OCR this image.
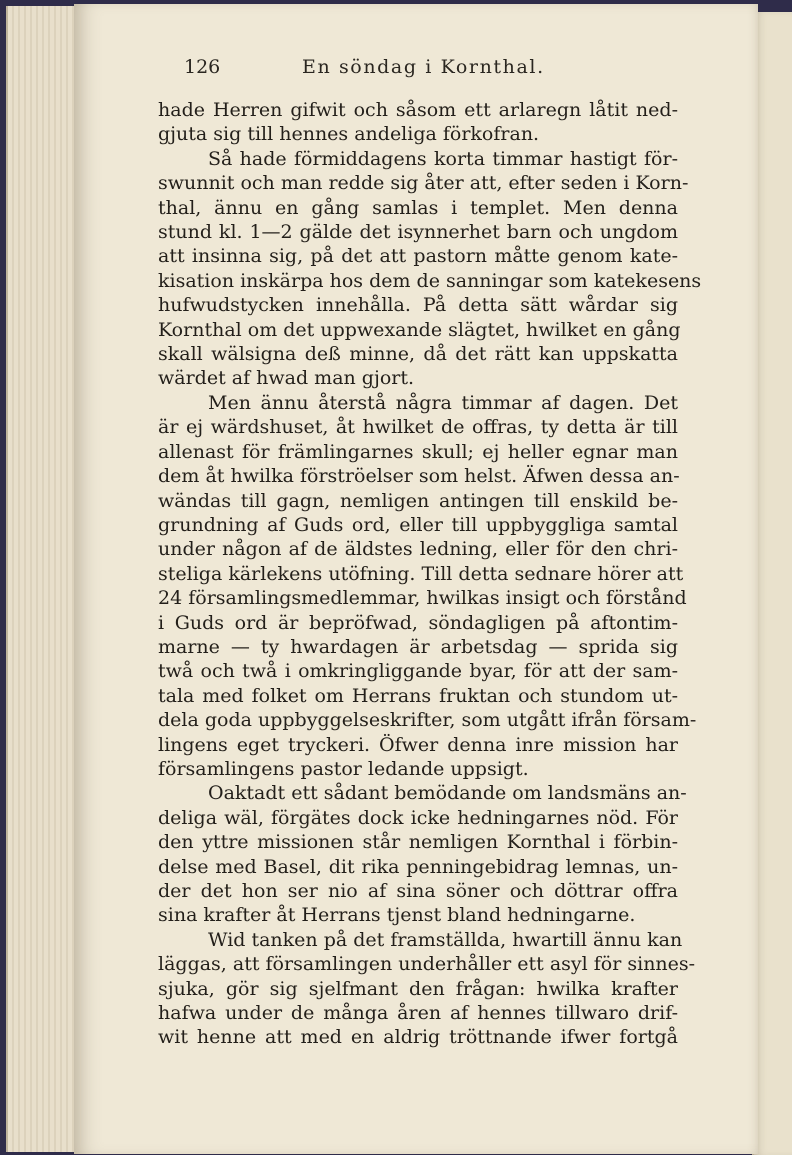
126	En söndag i Kornthal.
hade Herren gifwit och såsom ett arlaregn låtit ned-
gjuta sig till hennes andeliga förkofran.
Så hade förmiddagens korta timmar hastigt för-
swunnit och man redde sig åter att, efter seden i Korn-
thal, ännu en gång samlas i templet. Men denna
stund kl. 1—2 gälde det isynnerhet barn och ungdom
att insinna sig, på det att pastorn måtte genom kate-
kisation inskärpa hos dem de sanningar som katekesens
hufwudstycken innehålla. På detta sätt wårdar sig
Kornthal om det uppwexande slägtet, hwilket en gång
skall wälsigna deß minne, då det rätt kan uppskatta
wärdet af hwad man gjort.
Men ännu återstå några timmar af dagen. Det
är ej wärdshuset, åt hwilket de offras, ty detta är till
allenast för främlingarnes skull; ej heller egnar man
dem åt hwilka förströelser som helst. Äfwen dessa an-
wändas till gagn, nemligen antingen till enskild be-
grundning af Guds ord, eller till uppbyggliga samtal
under någon af de äldstes ledning, eller för den chri-
steliga kärlekens utöfning. Till detta sednare hörer att
24 församlingsmedlemmar, hwilkas insigt och förstånd
i Guds ord är bepröfwad, söndagligen på aftontim-
marne — ty hwardagen är arbetsdag — sprida sig
twå och twå i omkringliggande byar, för att der sam-
tala med folket om Herrans fruktan och stundom ut-
dela goda uppbyggelseskrifter, som utgått ifrån försam-
lingens eget tryckeri. Öfwer denna inre mission har
församlingens pastor ledande uppsigt.
Oaktadt ett sådant bemödande om landsmäns an-
deliga wäl, förgätes dock icke hedningarnes nöd. För
den yttre missionen står nemligen Kornthal i förbin-
delse med Basel, dit rika penningebidrag lemnas, un-
der det hon ser nio af sina söner och döttrar offra
sina krafter åt Herrans tjenst bland hedningarne.
Wid tanken på det framställda, hwartill ännu kan
läggas, att församlingen underhåller ett asyl för sinnes-
sjuka, gör sig sjelfmant den frågan: hwilka krafter
hafwa under de många åren af hennes tillwaro drif-
wit henne att med en aldrig tröttnande ifwer fortgå
